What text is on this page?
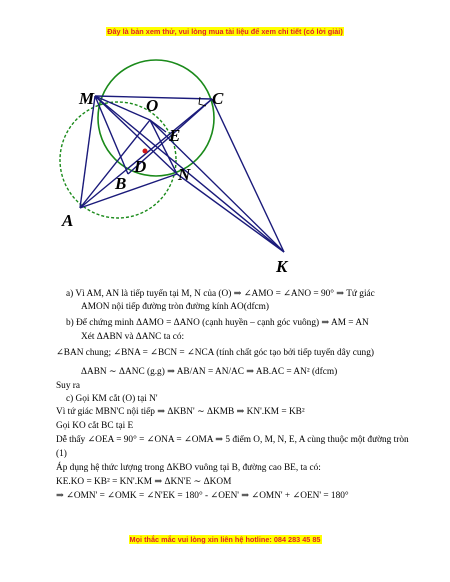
Đây là bản xem thử, vui lòng mua tài liệu để xem chi tiết (có lời giải)
M	O	C
E
D N
B
A
K
a) Vì AM, AN là tiếp tuyến tại M, N của (O) ⇒ ∠AMO = ∠ANO = 90° ⇒ Tứ giác
AMON nội tiếp đường tròn đường kính AO(dfcm)
b) Để chứng minh ΔAMO = ΔANO (cạnh huyền – cạnh góc vuông) ⇒ AM = AN
Xét ΔABN và ΔANC ta có:
∠BAN chung; ∠BNA = ∠BCN = ∠NCA (tính chất góc tạo bởi tiếp tuyến dây cung)
ΔABN ∼ ΔANC (g.g) ⇒ AB/AN = AN/AC ⇒ AB.AC = AN² (dfcm)
Suy ra
c) Gọi KM cắt (O) tại N'
Vì tứ giác MBN'C nội tiếp ⇒ ΔKBN' ∼ ΔKMB ⇒ KN'.KM = KB²
Gọi KO cắt BC tại E
Dễ thấy ∠OEA = 90° = ∠ONA = ∠OMA ⇒ 5 điểm O, M, N, E, A cùng thuộc một đường tròn
(1)
Áp dụng hệ thức lượng trong ΔKBO vuông tại B, đường cao BE, ta có:
KE.KO = KB² = KN'.KM ⇒ ΔKN'E ∼ ΔKOM
⇒ ∠OMN' = ∠OMK = ∠N'EK = 180° - ∠OEN' ⇒ ∠OMN' + ∠OEN' = 180°
Mọi thắc mắc vui lòng xin liên hệ hotline: 084 283 45 85
